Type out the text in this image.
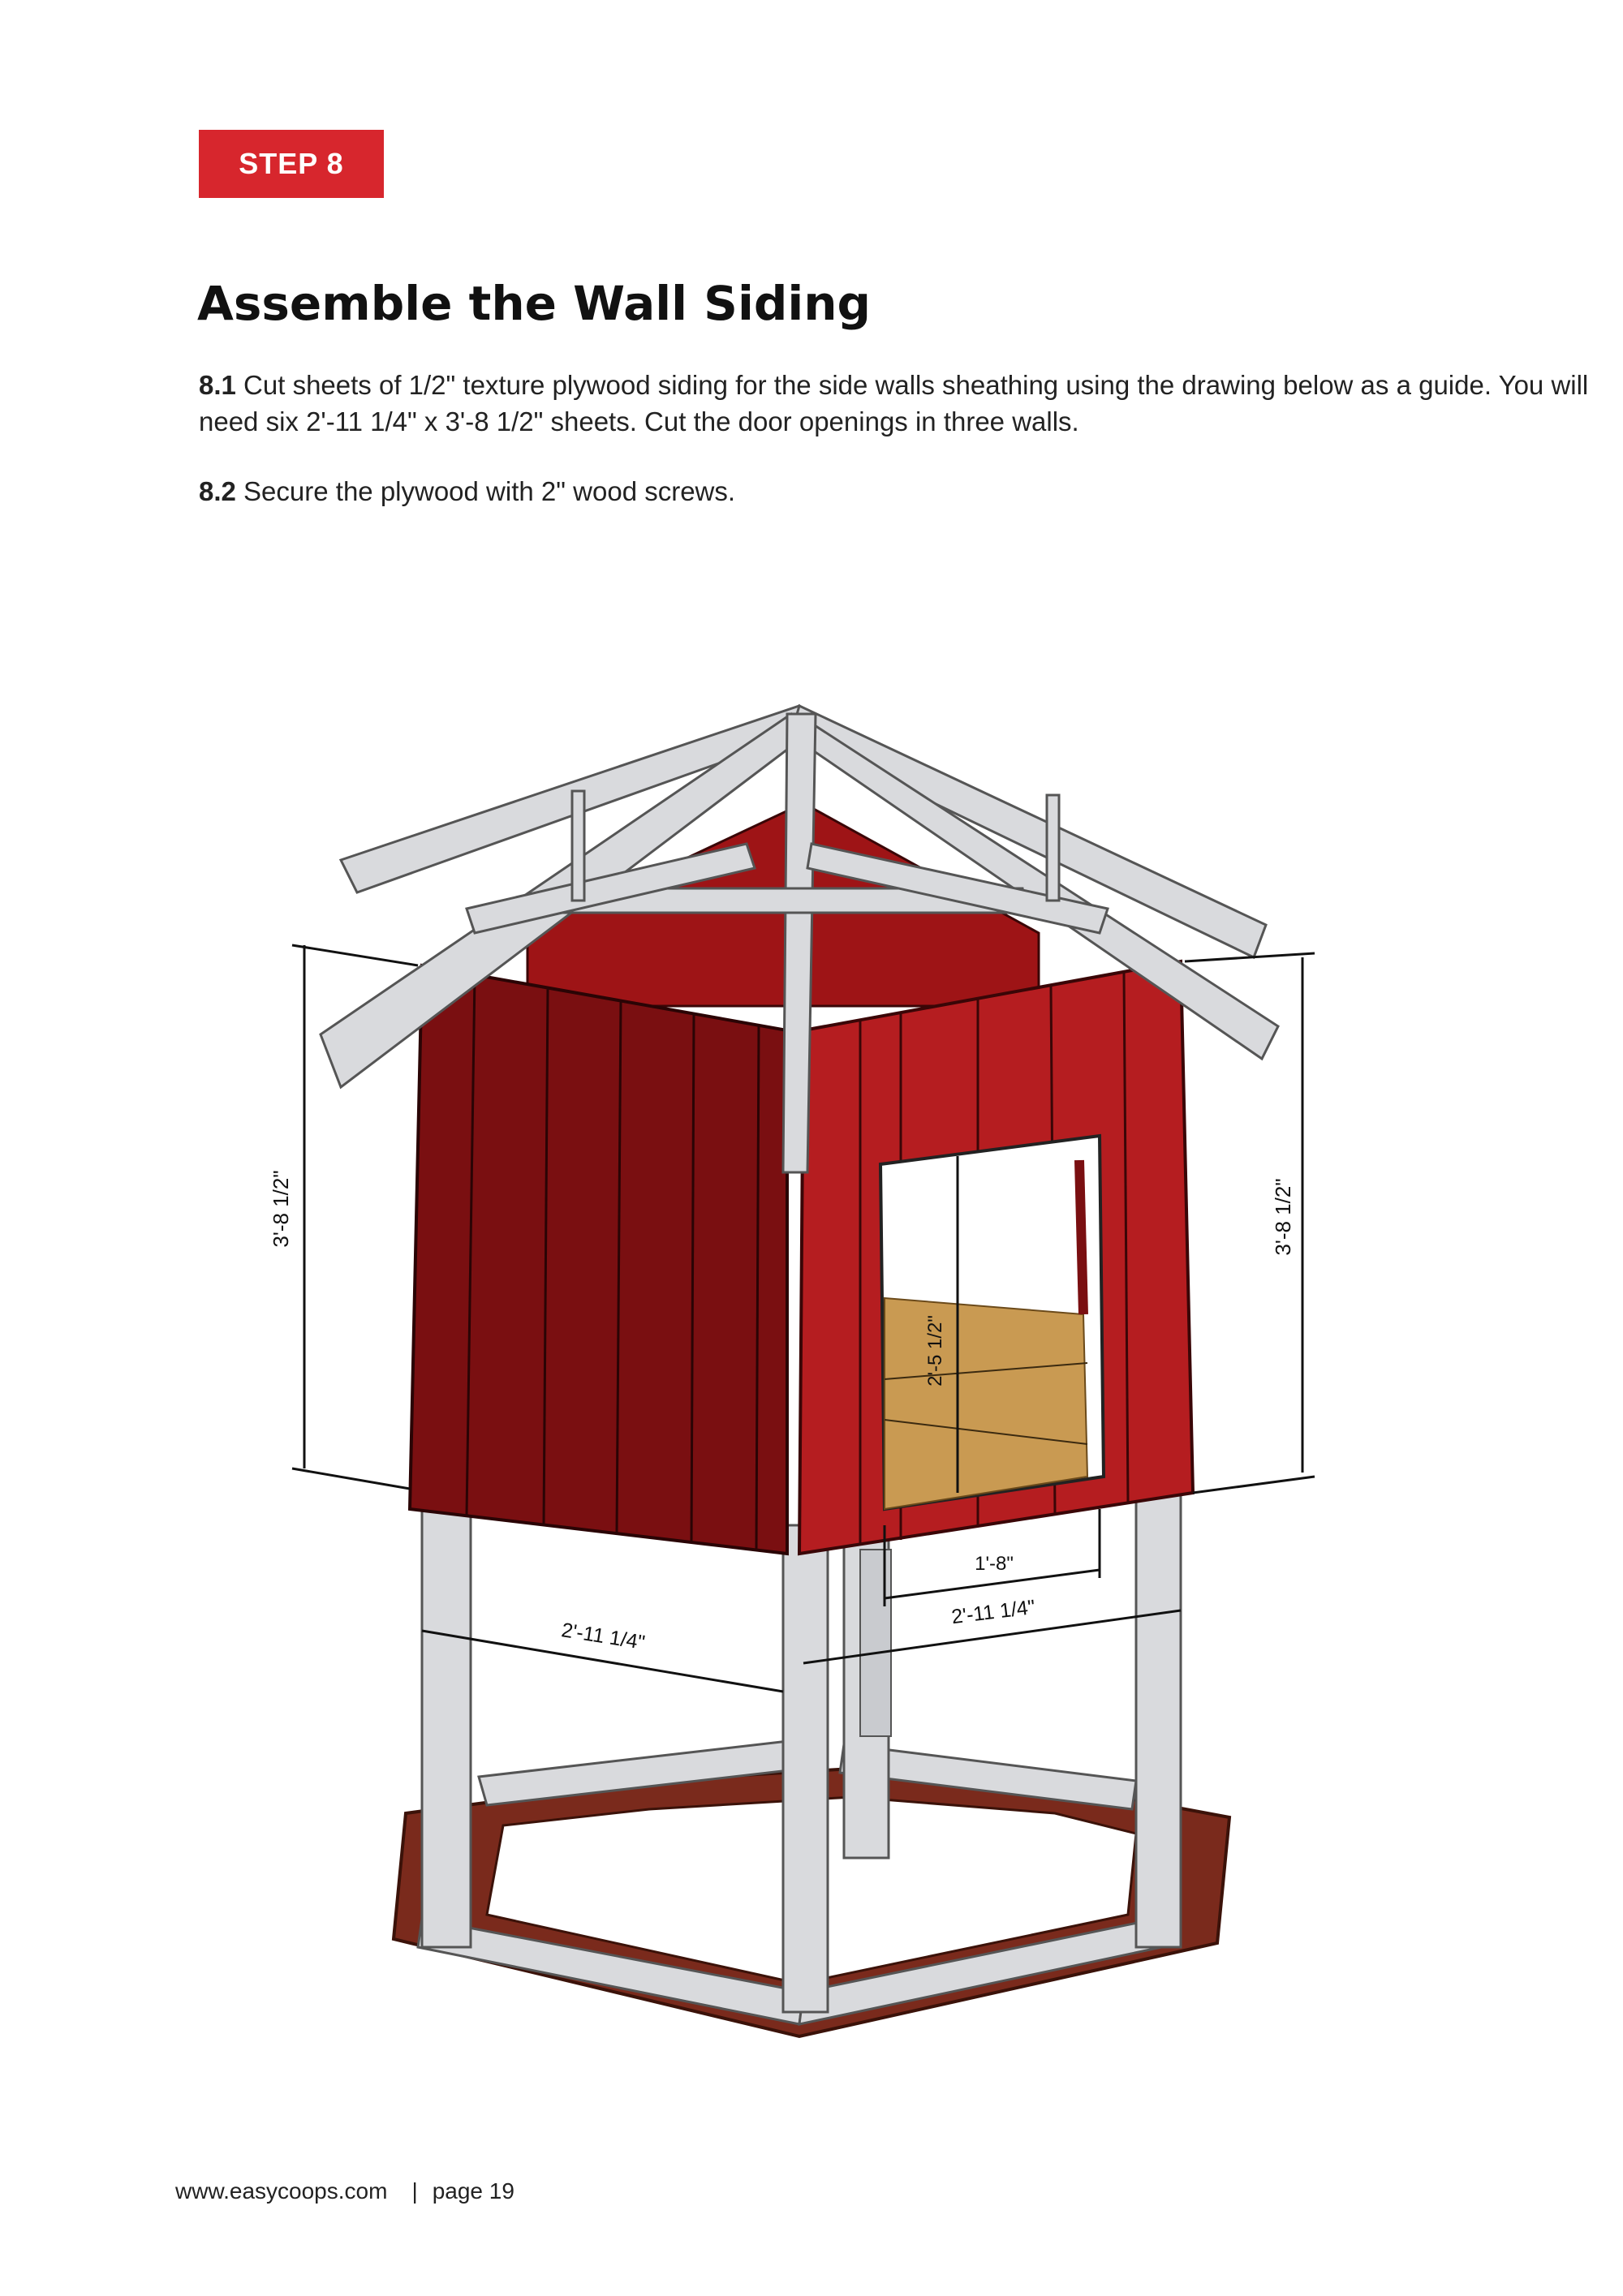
STEP 8
Assemble the Wall Siding

8.1 Cut sheets of 1/2" texture plywood siding for the side walls sheathing using the drawing below as a guide. You will need six 2'-11 1/4" x 3'-8 1/2" sheets. Cut the door openings in three walls.

8.2 Secure the plywood with 2" wood screws.

3'-8 1/2"	3'-8 1/2"
2'-5 1/2"
1'-8"
2'-11 1/4"
2'-11 1/4"
www.easycoops.com | page 19
